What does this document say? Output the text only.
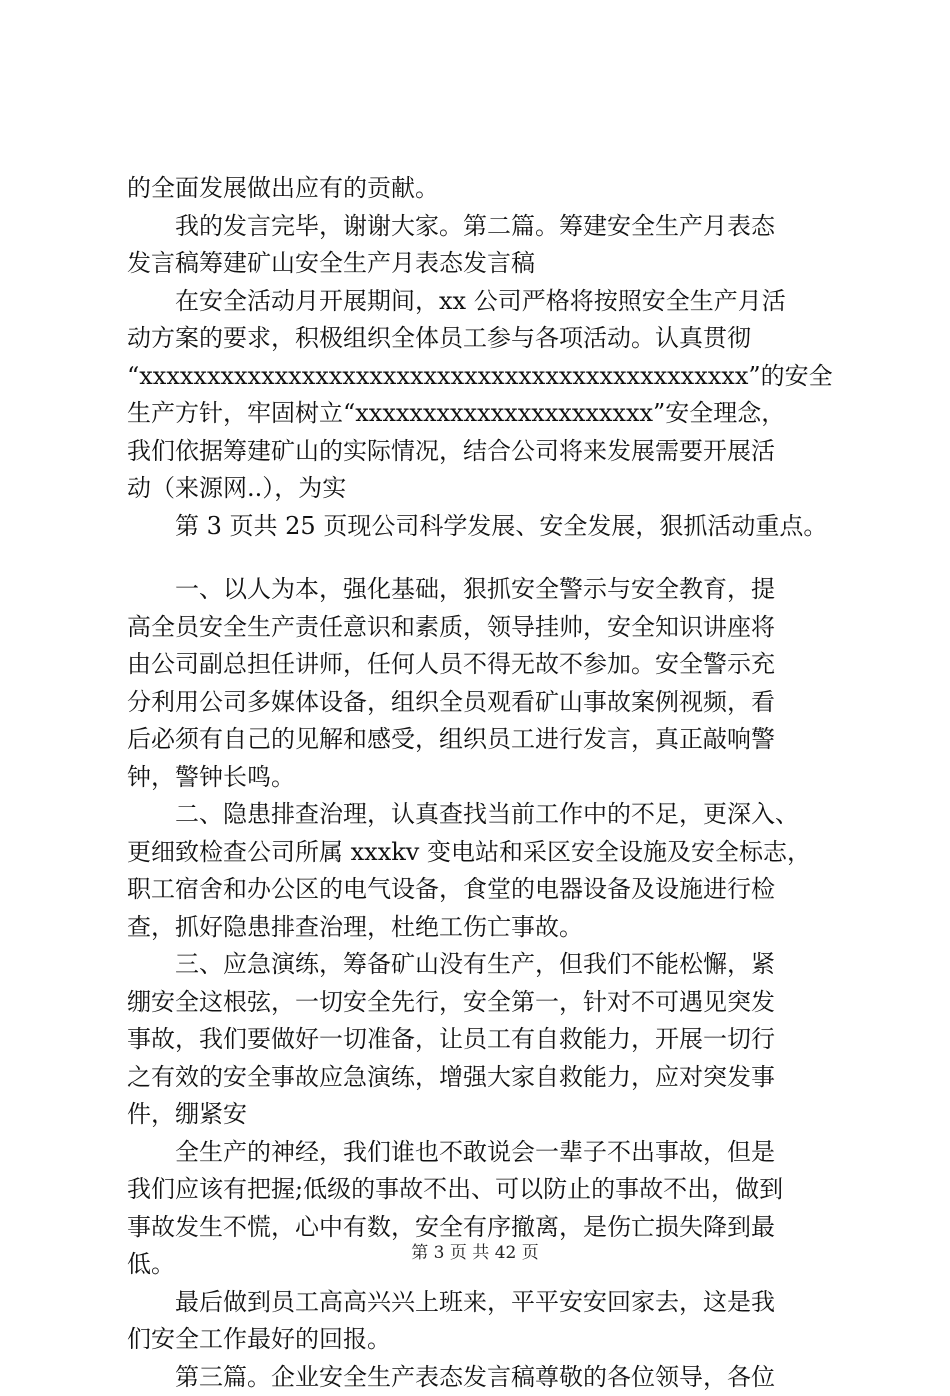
的全面发展做出应有的贡献。
　　我的发言完毕，谢谢大家。第二篇。筹建安全生产月表态
发言稿筹建矿山安全生产月表态发言稿
　　在安全活动月开展期间，xx 公司严格将按照安全生产月活
动方案的要求，积极组织全体员工参与各项活动。认真贯彻
“xxxxxxxxxxxxxxxxxxxxxxxxxxxxxxxxxxxxxxxxxxxxx”的安全
生产方针，牢固树立“xxxxxxxxxxxxxxxxxxxxxx”安全理念，
我们依据筹建矿山的实际情况，结合公司将来发展需要开展活
动（来源网..），为实
　　第 3 页共 25 页现公司科学发展、安全发展，狠抓活动重点。
　　一、以人为本，强化基础，狠抓安全警示与安全教育，提
高全员安全生产责任意识和素质，领导挂帅，安全知识讲座将
由公司副总担任讲师，任何人员不得无故不参加。安全警示充
分利用公司多媒体设备，组织全员观看矿山事故案例视频，看
后必须有自己的见解和感受，组织员工进行发言，真正敲响警
钟，警钟长鸣。
　　二、隐患排查治理，认真查找当前工作中的不足，更深入、
更细致检查公司所属 xxxkv 变电站和采区安全设施及安全标志，
职工宿舍和办公区的电气设备，食堂的电器设备及设施进行检
查，抓好隐患排查治理，杜绝工伤亡事故。
　　三、应急演练，筹备矿山没有生产，但我们不能松懈，紧
绷安全这根弦，一切安全先行，安全第一，针对不可遇见突发
事故，我们要做好一切准备，让员工有自救能力，开展一切行
之有效的安全事故应急演练，增强大家自救能力，应对突发事
件，绷紧安
　　全生产的神经，我们谁也不敢说会一辈子不出事故，但是
我们应该有把握;低级的事故不出、可以防止的事故不出，做到
事故发生不慌，心中有数，安全有序撤离，是伤亡损失降到最
低。
　　最后做到员工高高兴兴上班来，平平安安回家去，这是我
们安全工作最好的回报。
　　第三篇。企业安全生产表态发言稿尊敬的各位领导，各位
第 3 页 共 42 页
